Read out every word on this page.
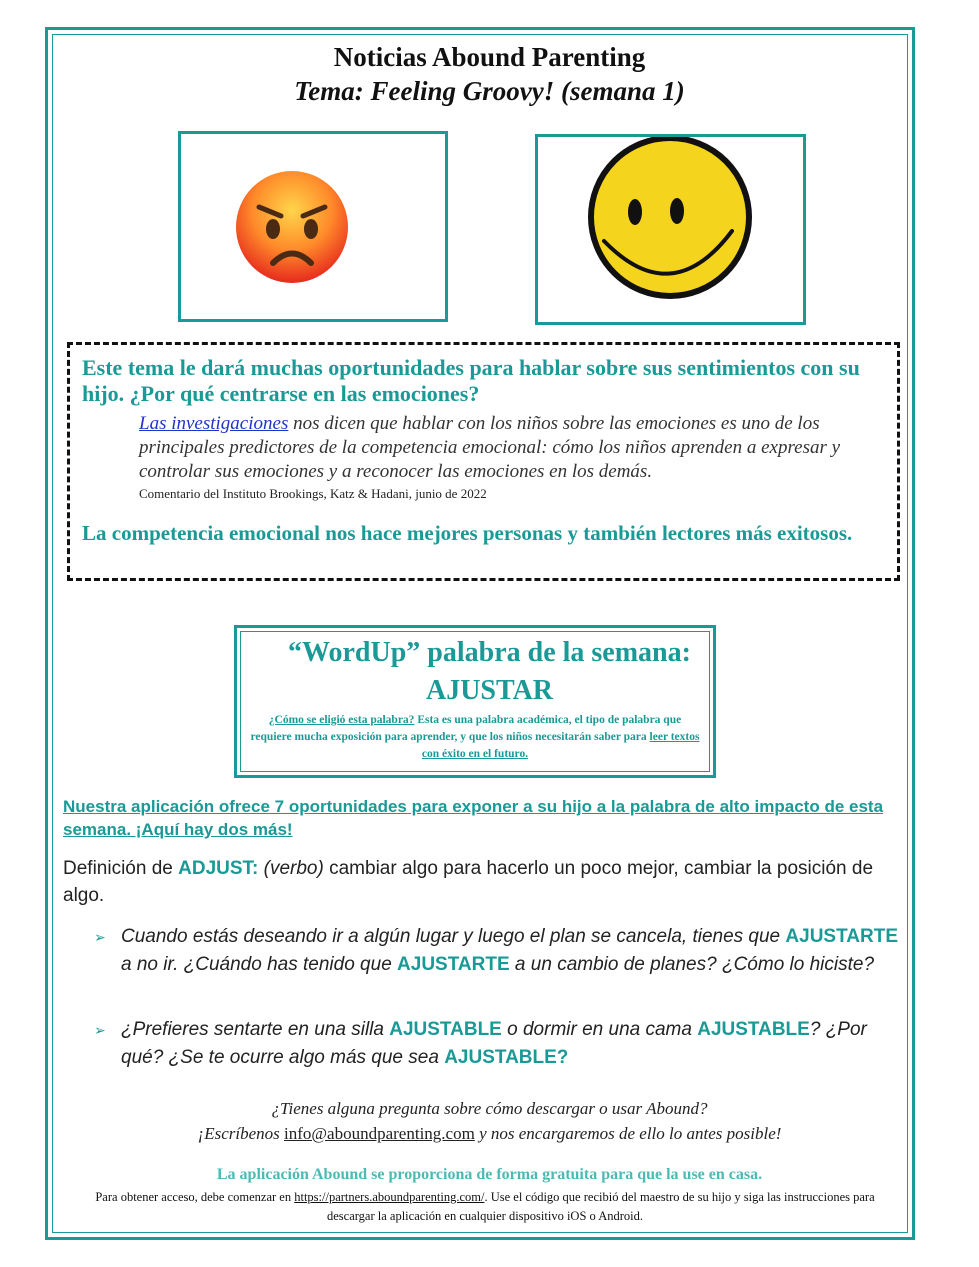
Noticias Abound Parenting
Tema: Feeling Groovy! (semana 1)
Este tema le dará muchas oportunidades para hablar sobre sus sentimientos con su hijo. ¿Por qué centrarse en las emociones?
Las investigaciones nos dicen que hablar con los niños sobre las emociones es uno de los principales predictores de la competencia emocional: cómo los niños aprenden a expresar y controlar sus emociones y a reconocer las emociones en los demás.
Comentario del Instituto Brookings, Katz & Hadani, junio de 2022
La competencia emocional nos hace mejores personas y también lectores más exitosos.
“WordUp” palabra de la semana:
AJUSTAR
¿Cómo se eligió esta palabra? Esta es una palabra académica, el tipo de palabra que requiere mucha exposición para aprender, y que los niños necesitarán saber para leer textos con éxito en el futuro.
Nuestra aplicación ofrece 7 oportunidades para exponer a su hijo a la palabra de alto impacto de esta semana. ¡Aquí hay dos más!
Definición de ADJUST: (verbo) cambiar algo para hacerlo un poco mejor, cambiar la posición de algo.
➢ Cuando estás deseando ir a algún lugar y luego el plan se cancela, tienes que AJUSTARTE a no ir. ¿Cuándo has tenido que AJUSTARTE a un cambio de planes? ¿Cómo lo hiciste?
➢ ¿Prefieres sentarte en una silla AJUSTABLE o dormir en una cama AJUSTABLE? ¿Por qué? ¿Se te ocurre algo más que sea AJUSTABLE?
¿Tienes alguna pregunta sobre cómo descargar o usar Abound?
¡Escríbenos info@aboundparenting.com y nos encargaremos de ello lo antes posible!
La aplicación Abound se proporciona de forma gratuita para que la use en casa.
Para obtener acceso, debe comenzar en https://partners.aboundparenting.com/. Use el código que recibió del maestro de su hijo y siga las instrucciones para descargar la aplicación en cualquier dispositivo iOS o Android.
